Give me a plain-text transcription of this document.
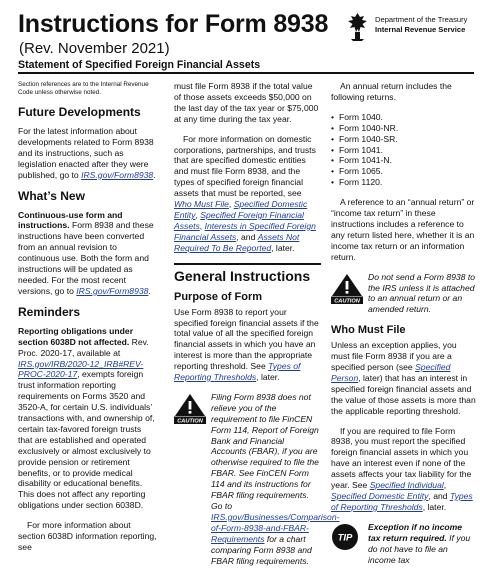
Instructions for Form 8938
(Rev. November 2021)
Statement of Specified Foreign Financial Assets
Department of the Treasury
Internal Revenue Service

Section references are to the Internal Revenue Code unless otherwise noted.

Future Developments

For the latest information about developments related to Form 8938 and its instructions, such as legislation enacted after they were published, go to IRS.gov/Form8938.

What’s New

Continuous-use form and instructions. Form 8938 and these instructions have been converted from an annual revision to continuous use. Both the form and instructions will be updated as needed. For the most recent versions, go to IRS.gov/Form8938.

Reminders

Reporting obligations under section 6038D not affected. Rev. Proc. 2020-17, available at IRS.gov/IRB/2020-12_IRB#REV-PROC-2020-17, exempts foreign trust information reporting requirements on Forms 3520 and 3520-A, for certain U.S. individuals’ transactions with, and ownership of, certain tax-favored foreign trusts that are established and operated exclusively or almost exclusively to provide pension or retirement benefits, or to provide medical disability or educational benefits. This does not affect any reporting obligations under section 6038D.

For more information about section 6038D information reporting, see

must file Form 8938 if the total value of those assets exceeds $50,000 on the last day of the tax year or $75,000 at any time during the tax year.

For more information on domestic corporations, partnerships, and trusts that are specified domestic entities and must file Form 8938, and the types of specified foreign financial assets that must be reported, see Who Must File, Specified Domestic Entity, Specified Foreign Financial Assets, Interests in Specified Foreign Financial Assets, and Assets Not Required To Be Reported, later.

General Instructions
Purpose of Form

Use Form 8938 to report your specified foreign financial assets if the total value of all the specified foreign financial assets in which you have an interest is more than the appropriate reporting threshold. See Types of Reporting Thresholds, later.

CAUTION
Filing Form 8938 does not relieve you of the requirement to file FinCEN Form 114, Report of Foreign Bank and Financial Accounts (FBAR), if you are otherwise required to file the FBAR. See FinCEN Form 114 and its instructions for FBAR filing requirements. Go to IRS.gov/Businesses/Comparison-of-Form-8938-and-FBAR-Requirements for a chart comparing Form 8938 and FBAR filing requirements.

An annual return includes the following returns.

• Form 1040.
• Form 1040-NR.
• Form 1040-SR.
• Form 1041.
• Form 1041-N.
• Form 1065.
• Form 1120.

A reference to an “annual return” or “income tax return” in these instructions includes a reference to any return listed here, whether it is an income tax return or an information return.

CAUTION
Do not send a Form 8938 to the IRS unless it is attached to an annual return or an amended return.
Who Must File

Unless an exception applies, you must file Form 8938 if you are a specified person (see Specified Person, later) that has an interest in specified foreign financial assets and the value of those assets is more than the applicable reporting threshold.

If you are required to file Form 8938, you must report the specified foreign financial assets in which you have an interest even if none of the assets affects your tax liability for the year. See Specified Individual, Specified Domestic Entity, and Types of Reporting Thresholds, later.

TIP
Exception if no income tax return required. If you do not have to file an income tax
